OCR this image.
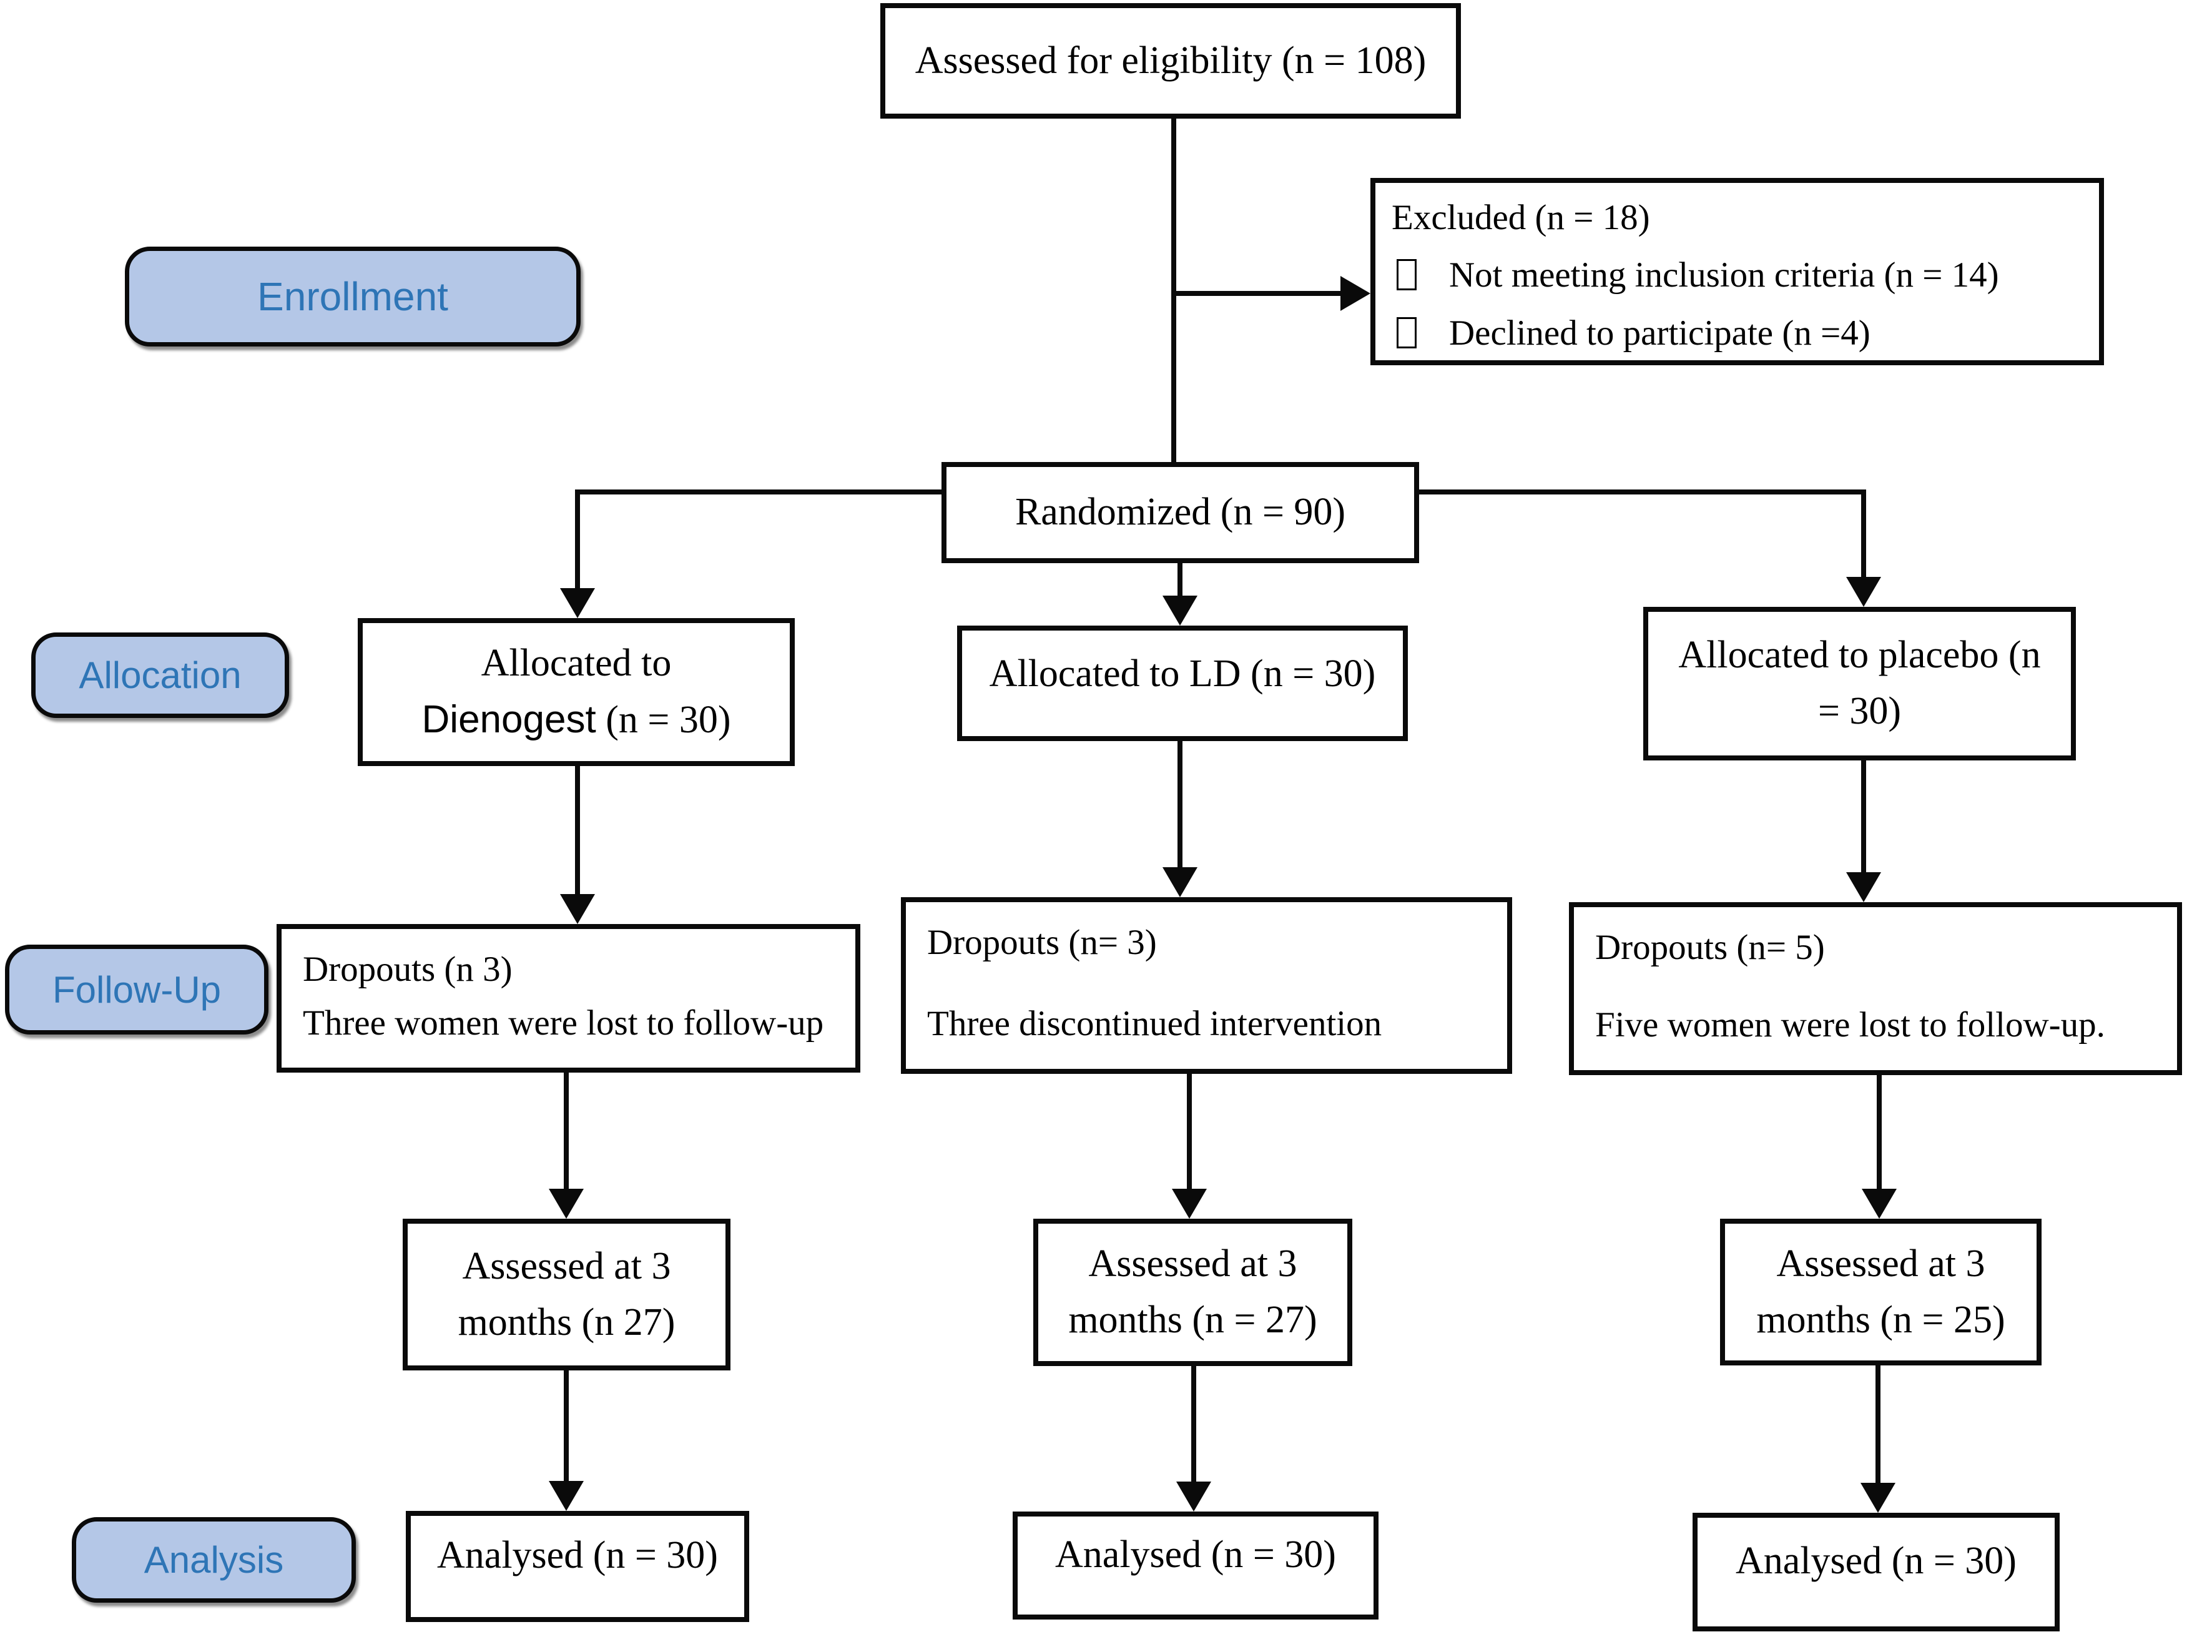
Enrollment
Allocation
Follow-Up
Analysis
Assessed for eligibility (n = 108)
Excluded (n = 18)
Not meeting inclusion criteria (n = 14)
Declined to participate (n =4)
Randomized (n = 90)
Allocated to
Dienogest (n = 30)
Allocated to LD (n = 30)	Allocated to placebo (n
= 30)
Dropouts (n 3)
Three women were lost to follow-up
Dropouts (n= 3)
Three discontinued intervention
Dropouts (n= 5)
Five women were lost to follow-up.
Assessed at 3
months (n 27)
Assessed at 3
months (n = 27)
Assessed at 3
months (n = 25)
Analysed (n = 30)	Analysed (n = 30)	Analysed (n = 30)
